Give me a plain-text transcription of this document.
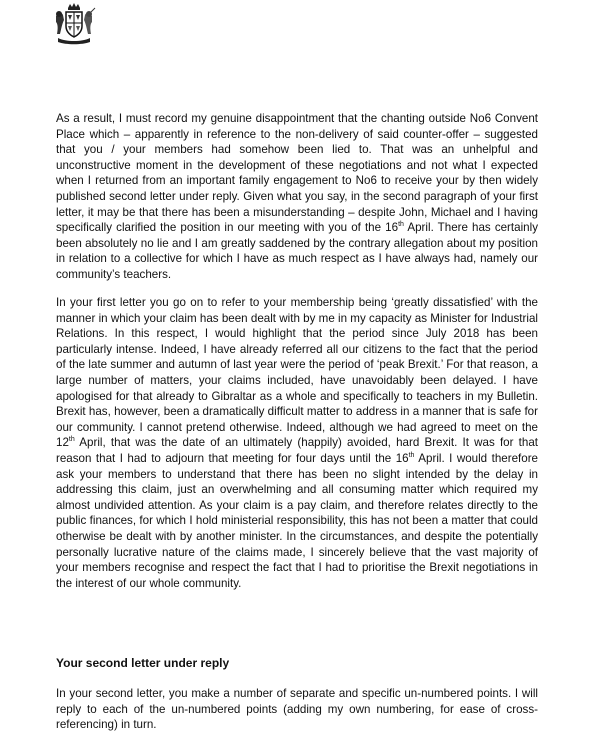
As a result, I must record my genuine disappointment that the chanting outside No6 Convent Place which – apparently in reference to the non-delivery of said counter-offer – suggested that you / your members had somehow been lied to. That was an unhelpful and unconstructive moment in the development of these negotiations and not what I expected when I returned from an important family engagement to No6 to receive your by then widely published second letter under reply. Given what you say, in the second paragraph of your first letter, it may be that there has been a misunderstanding – despite John, Michael and I having specifically clarified the position in our meeting with you of the 16th April. There has certainly been absolutely no lie and I am greatly saddened by the contrary allegation about my position in relation to a collective for which I have as much respect as I have always had, namely our community’s teachers.

In your first letter you go on to refer to your membership being ‘greatly dissatisfied’ with the manner in which your claim has been dealt with by me in my capacity as Minister for Industrial Relations. In this respect, I would highlight that the period since July 2018 has been particularly intense. Indeed, I have already referred all our citizens to the fact that the period of the late summer and autumn of last year were the period of ‘peak Brexit.’ For that reason, a large number of matters, your claims included, have unavoidably been delayed. I have apologised for that already to Gibraltar as a whole and specifically to teachers in my Bulletin. Brexit has, however, been a dramatically difficult matter to address in a manner that is safe for our community. I cannot pretend otherwise. Indeed, although we had agreed to meet on the 12th April, that was the date of an ultimately (happily) avoided, hard Brexit. It was for that reason that I had to adjourn that meeting for four days until the 16th April. I would therefore ask your members to understand that there has been no slight intended by the delay in addressing this claim, just an overwhelming and all consuming matter which required my almost undivided attention. As your claim is a pay claim, and therefore relates directly to the public finances, for which I hold ministerial responsibility, this has not been a matter that could otherwise be dealt with by another minister. In the circumstances, and despite the potentially personally lucrative nature of the claims made, I sincerely believe that the vast majority of your members recognise and respect the fact that I had to prioritise the Brexit negotiations in the interest of our whole community.

Your second letter under reply

In your second letter, you make a number of separate and specific un-numbered points. I will reply to each of the un-numbered points (adding my own numbering, for ease of cross-referencing) in turn.
